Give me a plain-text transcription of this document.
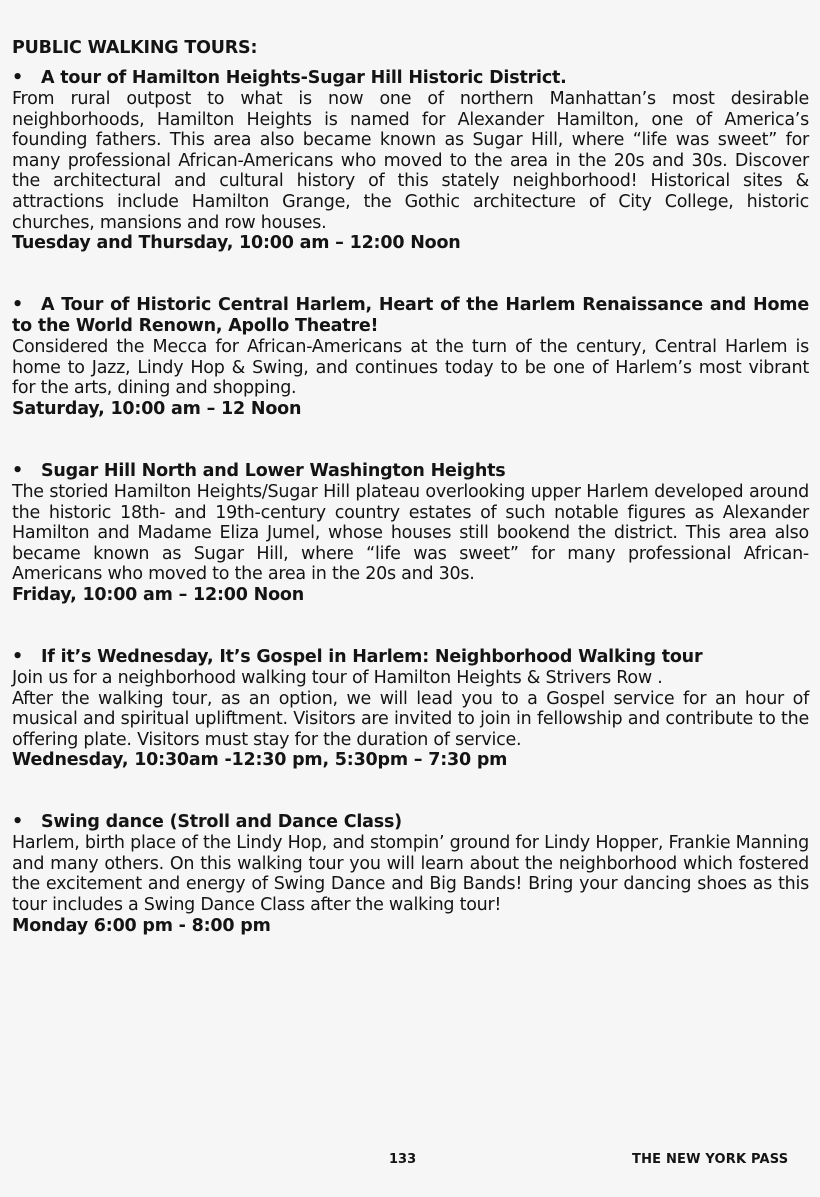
PUBLIC WALKING TOURS:
• A tour of Hamilton Heights-Sugar Hill Historic District.

From rural outpost to what is now one of northern Manhattan’s most desirable neighborhoods, Hamilton Heights is named for Alexander Hamilton, one of America’s founding fathers. This area also became known as Sugar Hill, where “life was sweet” for many professional African-Americans who moved to the area in the 20s and 30s. Discover the architectural and cultural history of this stately neighborhood! Historical sites & attractions include Hamilton Grange, the Gothic architecture of City College, historic churches, mansions and row houses.

Tuesday and Thursday, 10:00 am – 12:00 Noon
• A Tour of Historic Central Harlem, Heart of the Harlem Renaissance and Home to the World Renown, Apollo Theatre!

Considered the Mecca for African-Americans at the turn of the century, Central Harlem is home to Jazz, Lindy Hop & Swing, and continues today to be one of Harlem’s most vibrant for the arts, dining and shopping.

Saturday, 10:00 am – 12 Noon
• Sugar Hill North and Lower Washington Heights

The storied Hamilton Heights/Sugar Hill plateau overlooking upper Harlem developed around the historic 18th- and 19th-century country estates of such notable figures as Alexander Hamilton and Madame Eliza Jumel, whose houses still bookend the district. This area also became known as Sugar Hill, where “life was sweet” for many professional African-Americans who moved to the area in the 20s and 30s.

Friday, 10:00 am – 12:00 Noon
• If it’s Wednesday, It’s Gospel in Harlem: Neighborhood Walking tour

Join us for a neighborhood walking tour of Hamilton Heights & Strivers Row .

After the walking tour, as an option, we will lead you to a Gospel service for an hour of musical and spiritual upliftment. Visitors are invited to join in fellowship and contribute to the offering plate. Visitors must stay for the duration of service.

Wednesday, 10:30am -12:30 pm, 5:30pm – 7:30 pm
• Swing dance (Stroll and Dance Class)

Harlem, birth place of the Lindy Hop, and stompin’ ground for Lindy Hopper, Frankie Manning and many others. On this walking tour you will learn about the neighborhood which fostered the excitement and energy of Swing Dance and Big Bands! Bring your dancing shoes as this tour includes a Swing Dance Class after the walking tour!

Monday 6:00 pm - 8:00 pm
133	THE NEW YORK PASS
